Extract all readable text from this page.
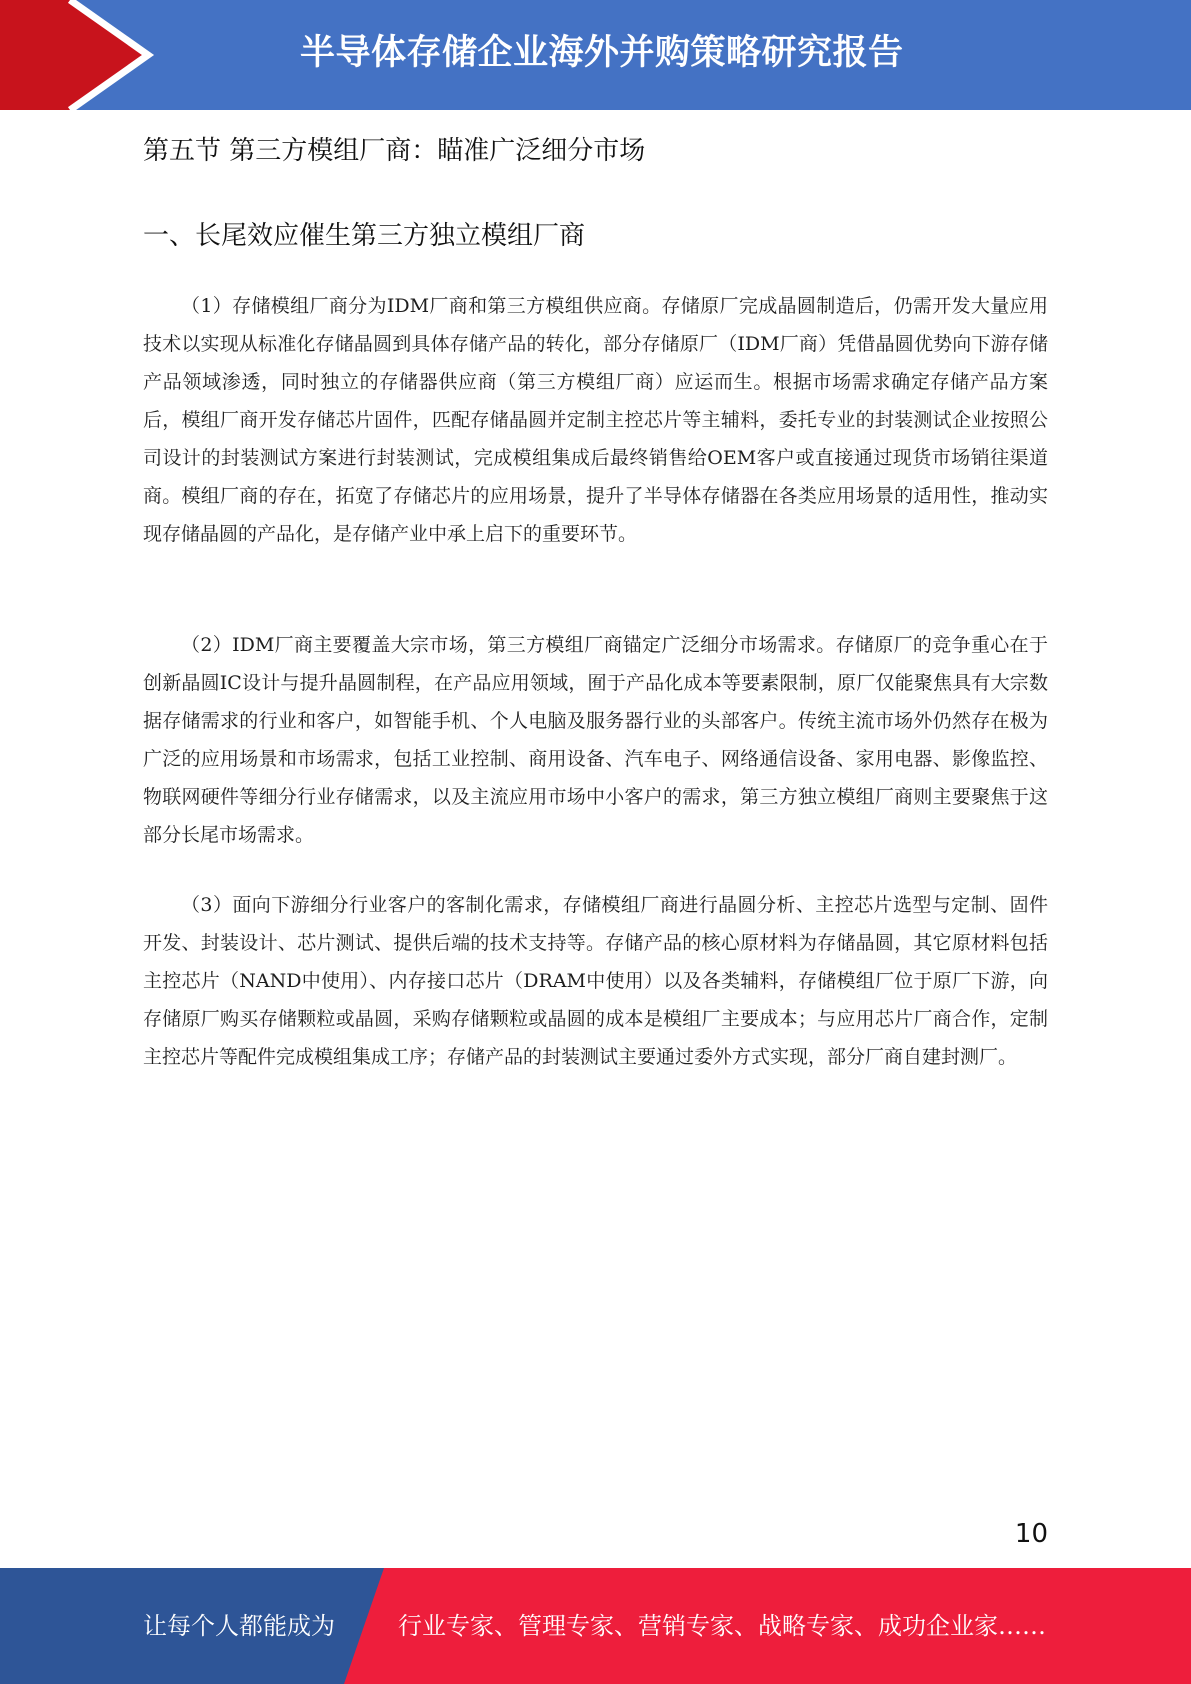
半导体存储企业海外并购策略研究报告
第五节 第三方模组厂商：瞄准广泛细分市场
一、长尾效应催生第三方独立模组厂商

（1）存储模组厂商分为IDM厂商和第三方模组供应商。存储原厂完成晶圆制造后，仍需开发大量应用技术以实现从标准化存储晶圆到具体存储产品的转化，部分存储原厂（IDM厂商）凭借晶圆优势向下游存储产品领域渗透，同时独立的存储器供应商（第三方模组厂商）应运而生。根据市场需求确定存储产品方案后，模组厂商开发存储芯片固件，匹配存储晶圆并定制主控芯片等主辅料，委托专业的封装测试企业按照公司设计的封装测试方案进行封装测试，完成模组集成后最终销售给OEM客户或直接通过现货市场销往渠道商。模组厂商的存在，拓宽了存储芯片的应用场景，提升了半导体存储器在各类应用场景的适用性，推动实现存储晶圆的产品化，是存储产业中承上启下的重要环节。

（2）IDM厂商主要覆盖大宗市场，第三方模组厂商锚定广泛细分市场需求。存储原厂的竞争重心在于创新晶圆IC设计与提升晶圆制程，在产品应用领域，囿于产品化成本等要素限制，原厂仅能聚焦具有大宗数据存储需求的行业和客户，如智能手机、个人电脑及服务器行业的头部客户。传统主流市场外仍然存在极为广泛的应用场景和市场需求，包括工业控制、商用设备、汽车电子、网络通信设备、家用电器、影像监控、物联网硬件等细分行业存储需求，以及主流应用市场中小客户的需求，第三方独立模组厂商则主要聚焦于这部分长尾市场需求。

（3）面向下游细分行业客户的客制化需求，存储模组厂商进行晶圆分析、主控芯片选型与定制、固件开发、封装设计、芯片测试、提供后端的技术支持等。存储产品的核心原材料为存储晶圆，其它原材料包括主控芯片（NAND中使用）、内存接口芯片（DRAM中使用）以及各类辅料，存储模组厂位于原厂下游，向存储原厂购买存储颗粒或晶圆，采购存储颗粒或晶圆的成本是模组厂主要成本；与应用芯片厂商合作，定制主控芯片等配件完成模组集成工序；存储产品的封装测试主要通过委外方式实现，部分厂商自建封测厂。

10
让每个人都能成为	行业专家、管理专家、营销专家、战略专家、成功企业家……
